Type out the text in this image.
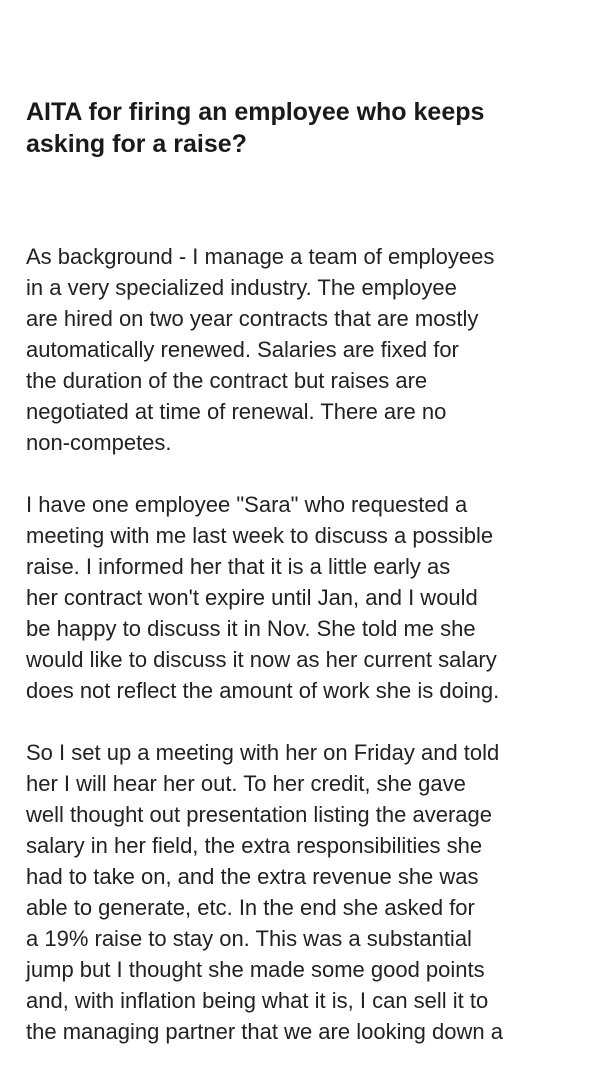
AITA for firing an employee who keeps
asking for a raise?

As background - I manage a team of employees
in a very specialized industry. The employee
are hired on two year contracts that are mostly
automatically renewed. Salaries are fixed for
the duration of the contract but raises are
negotiated at time of renewal. There are no
non-competes.

I have one employee "Sara" who requested a
meeting with me last week to discuss a possible
raise. I informed her that it is a little early as
her contract won't expire until Jan, and I would
be happy to discuss it in Nov. She told me she
would like to discuss it now as her current salary
does not reflect the amount of work she is doing.

So I set up a meeting with her on Friday and told
her I will hear her out. To her credit, she gave
well thought out presentation listing the average
salary in her field, the extra responsibilities she
had to take on, and the extra revenue she was
able to generate, etc. In the end she asked for
a 19% raise to stay on. This was a substantial
jump but I thought she made some good points
and, with inflation being what it is, I can sell it to
the managing partner that we are looking down a
